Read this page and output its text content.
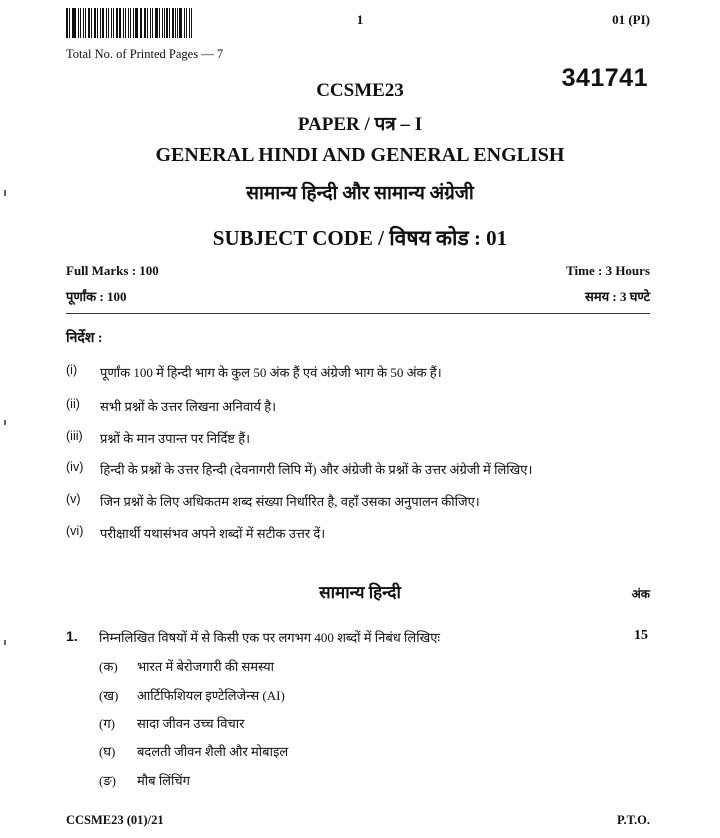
1	01 (PI)
Total No. of Printed Pages — 7
341741
CCSME23
PAPER / पत्र – I
GENERAL HINDI AND GENERAL ENGLISH
सामान्य हिन्दी और सामान्य अंग्रेजी
SUBJECT CODE / विषय कोड : 01
Full Marks : 100
पूर्णांक : 100
Time : 3 Hours
समय : 3 घण्टे
निर्देश :
(i)	पूर्णांक 100 में हिन्दी भाग के कुल 50 अंक हैं एवं अंग्रेजी भाग के 50 अंक हैं।
(ii)	सभी प्रश्नों के उत्तर लिखना अनिवार्य है।
(iii)	प्रश्नों के मान उपान्त पर निर्दिष्ट हैं।
(iv)	हिन्दी के प्रश्नों के उत्तर हिन्दी (देवनागरी लिपि में) और अंग्रेजी के प्रश्नों के उत्तर अंग्रेजी में लिखिए।
(v)	जिन प्रश्नों के लिए अधिकतम शब्द संख्या निर्धारित है, वहाँ उसका अनुपालन कीजिए।
(vi)	परीक्षार्थी यथासंभव अपने शब्दों में सटीक उत्तर दें।
सामान्य हिन्दी	अंक
1. निम्नलिखित विषयों में से किसी एक पर लगभग 400 शब्दों में निबंध लिखिएः	15
(क)	भारत में बेरोजगारी की समस्या
(ख)	आर्टिफिशियल इण्टेलिजेन्स (AI)
(ग)	सादा जीवन उच्च विचार
(घ)	बदलती जीवन शैली और मोबाइल
(ङ)	मौब लिंचिंग
CCSME23 (01)/21	P.T.O.
